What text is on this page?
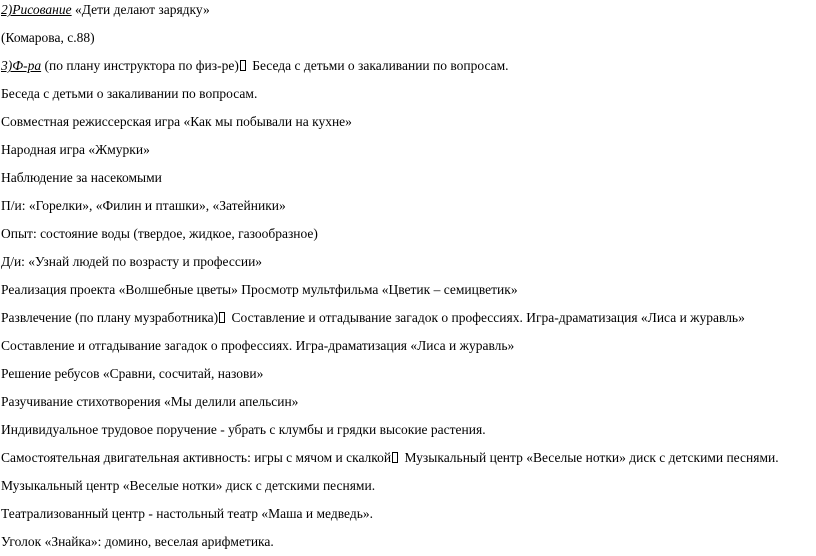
2)Рисование «Дети делают зарядку»
(Комарова, с.88)
3)Ф-ра (по плану инструктора по физ-ре) Беседа с детьми о закаливании по вопросам.
Беседа с детьми о закаливании по вопросам.
Совместная режиссерская игра «Как мы побывали на кухне»
Народная игра «Жмурки»
Наблюдение за насекомыми
П/и: «Горелки», «Филин и пташки», «Затейники»
Опыт: состояние воды (твердое, жидкое, газообразное)
Д/и: «Узнай людей по возрасту и профессии»
Реализация проекта «Волшебные цветы» Просмотр мультфильма «Цветик – семицветик»
Развлечение (по плану музработника) Составление и отгадывание загадок о профессиях. Игра-драматизация «Лиса и журавль»
Составление и отгадывание загадок о профессиях. Игра-драматизация «Лиса и журавль»
Решение ребусов «Сравни, сосчитай, назови»
Разучивание стихотворения «Мы делили апельсин»
Индивидуальное трудовое поручение - убрать с клумбы и грядки высокие растения.
Самостоятельная двигательная активность: игры с мячом и скалкой Музыкальный центр «Веселые нотки» диск с детскими песнями.
Музыкальный центр «Веселые нотки» диск с детскими песнями.
Театрализованный центр - настольный театр «Маша и медведь».
Уголок «Знайка»: домино, веселая арифметика.
